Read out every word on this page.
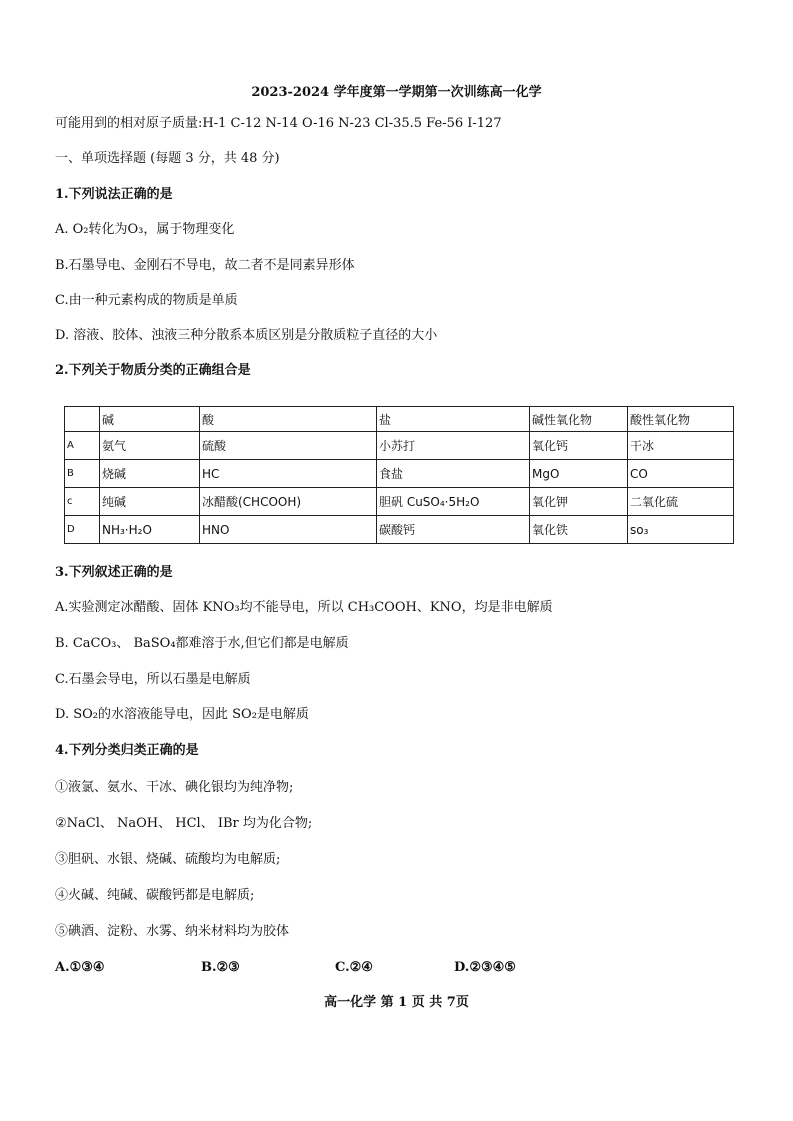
2023-2024 学年度第一学期第一次训练高一化学
可能用到的相对原子质量:H-1 C-12 N-14 O-16 N-23 Cl-35.5 Fe-56 I-127
一、单项选择题 (每题 3 分，共 48 分)
1.下列说法正确的是
A. O₂转化为O₃，属于物理变化
B.石墨导电、金刚石不导电，故二者不是同素异形体
C.由一种元素构成的物质是单质
D. 溶液、胶体、浊液三种分散系本质区别是分散质粒子直径的大小
2.下列关于物质分类的正确组合是
	碱	酸	盐	碱性氧化物	酸性氧化物
A	氨气	硫酸	小苏打	氧化钙	干冰
B	烧碱	HC	食盐	MgO	CO
c	纯碱	冰醋酸(CHCOOH)	胆矾 CuSO₄·5H₂O	氧化钾	二氧化硫
D	NH₃·H₂O	HNO	碳酸钙	氧化铁	so₃
3.下列叙述正确的是
A.实验测定冰醋酸、固体 KNO₃均不能导电，所以 CH₃COOH、KNO，均是非电解质
B. CaCO₃、 BaSO₄都难溶于水,但它们都是电解质
C.石墨会导电，所以石墨是电解质
D. SO₂的水溶液能导电，因此 SO₂是电解质
4.下列分类归类正确的是
①液氯、氨水、干冰、碘化银均为纯净物;
②NaCl、 NaOH、 HCl、 IBr 均为化合物;
③胆矾、水银、烧碱、硫酸均为电解质;
④火碱、纯碱、碳酸钙都是电解质;
⑤碘酒、淀粉、水雾、纳米材料均为胶体
A.①③④	B.②③	C.②④	D.②③④⑤
高一化学 第 1 页 共 7页
